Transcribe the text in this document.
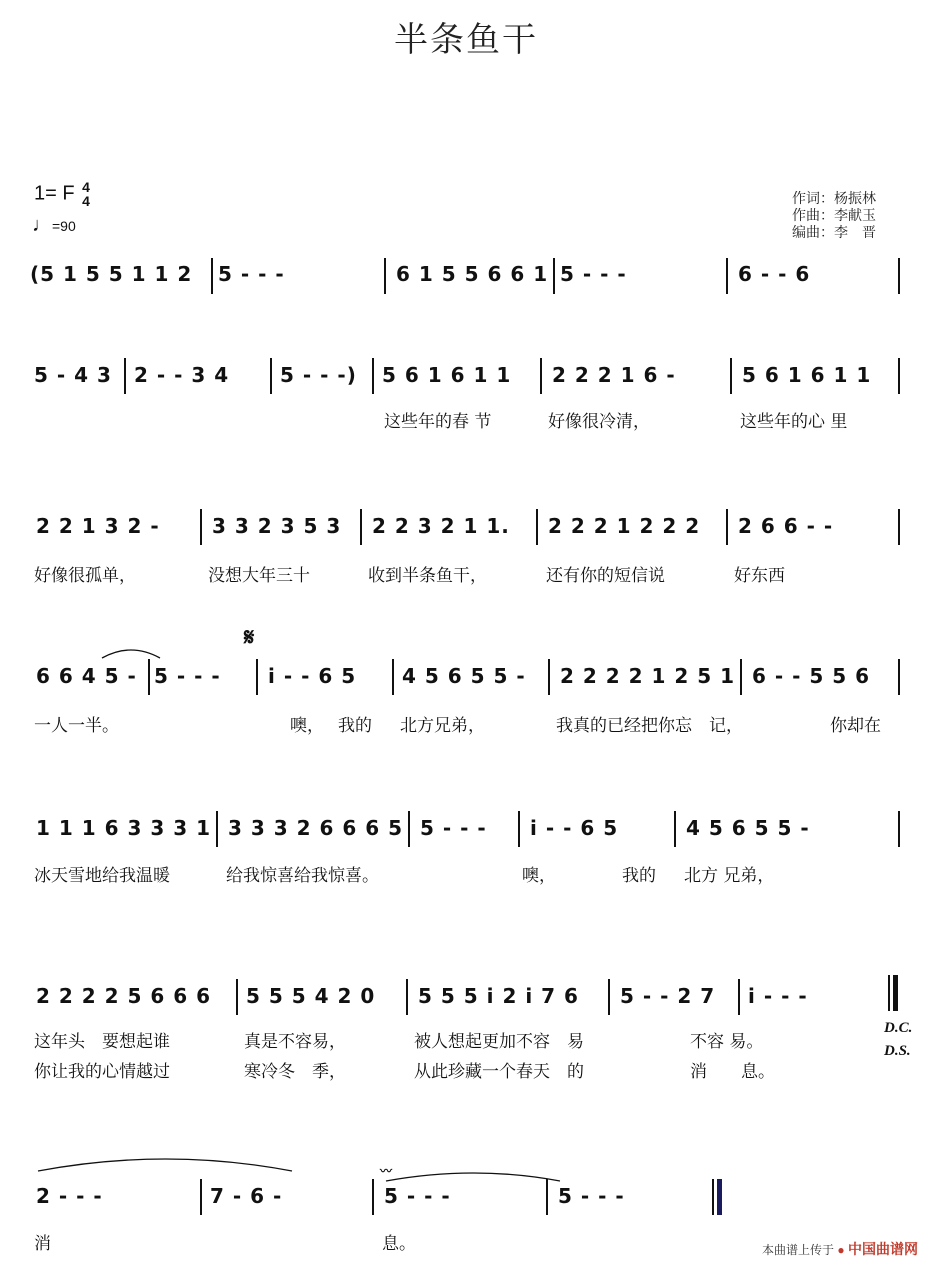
半条鱼干
1= F 4
4
♩=90
作词：杨振林
作曲：李献玉
编曲：李　晋
(5 1 5 5 1 1 2 5 - - -	6 1 5 5 6 6 1 5 - - -	6 - - 6
5 - 4 3 2 - - 3 4	5 - - -) 5 6 1 6 1 1 2 2 2 1 6 -	5 6 1 6 1 1
这些年的春 节	好像很冷清，	这些年的心 里
2 2 1 3 2 -	3 3 2 3 5 3 2 2 3 2 1 1. 2 2 2 1 2 2 2 2 6 6 - -
好像很孤单，	没想大年三十	收到半条鱼干，	还有你的短信说	好东西
𝄋
6 6 4 5 - 5 - - - i - - 6 5 4 5 6 5 5 - 2 2 2 2 1 2 5 1 6 - - 5 5 6
一人一半。	噢， 我的 北方兄弟，	我真的已经把你忘　记，	你却在
1 1 1 6 3 3 3 1 3 3 3 2 6 6 6 5 5 - - - i - - 6 5	4 5 6 5 5 -
冰天雪地给我温暖	给我惊喜给我惊喜。	噢，	我的 北方 兄弟，
2 2 2 2 5 6 6 6 5 5 5 4 2 0 5 5 5 i 2 i 7 6 5 - - 2 7 i - - -
这年头　要想起谁	真是不容易，	被人想起更加不容　易	不容 易。
你让我的心情越过	寒冷冬　季，	从此珍藏一个春天　的	消　　息。
D.C.
D.S.
〰
2 - - -	7 - 6 -	5 - - -	5 - - -
消	息。	本曲谱上传于 ● 中国曲谱网
